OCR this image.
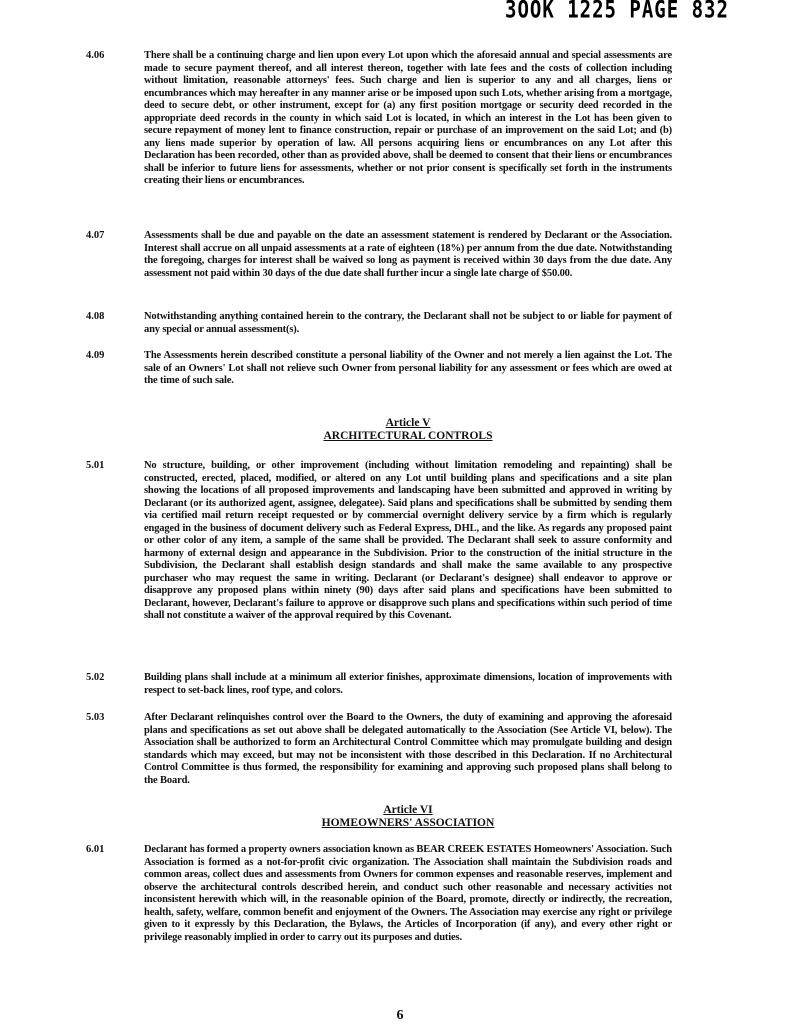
3OOK 1225 PAGE 832
4.06	There shall be a continuing charge and lien upon every Lot upon which the aforesaid annual and special assessments are made to secure payment thereof, and all interest thereon, together with late fees and the costs of collection including without limitation, reasonable attorneys' fees. Such charge and lien is superior to any and all charges, liens or encumbrances which may hereafter in any manner arise or be imposed upon such Lots, whether arising from a mortgage, deed to secure debt, or other instrument, except for (a) any first position mortgage or security deed recorded in the appropriate deed records in the county in which said Lot is located, in which an interest in the Lot has been given to secure repayment of money lent to finance construction, repair or purchase of an improvement on the said Lot; and (b) any liens made superior by operation of law. All persons acquiring liens or encumbrances on any Lot after this Declaration has been recorded, other than as provided above, shall be deemed to consent that their liens or encumbrances shall be inferior to future liens for assessments, whether or not prior consent is specifically set forth in the instruments creating their liens or encumbrances.
4.07	Assessments shall be due and payable on the date an assessment statement is rendered by Declarant or the Association. Interest shall accrue on all unpaid assessments at a rate of eighteen (18%) per annum from the due date. Notwithstanding the foregoing, charges for interest shall be waived so long as payment is received within 30 days from the due date. Any assessment not paid within 30 days of the due date shall further incur a single late charge of $50.00.
4.08	Notwithstanding anything contained herein to the contrary, the Declarant shall not be subject to or liable for payment of any special or annual assessment(s).
4.09	The Assessments herein described constitute a personal liability of the Owner and not merely a lien against the Lot. The sale of an Owners' Lot shall not relieve such Owner from personal liability for any assessment or fees which are owed at the time of such sale.
Article V
ARCHITECTURAL CONTROLS
5.01	No structure, building, or other improvement (including without limitation remodeling and repainting) shall be constructed, erected, placed, modified, or altered on any Lot until building plans and specifications and a site plan showing the locations of all proposed improvements and landscaping have been submitted and approved in writing by Declarant (or its authorized agent, assignee, delegatee). Said plans and specifications shall be submitted by sending them via certified mail return receipt requested or by commercial overnight delivery service by a firm which is regularly engaged in the business of document delivery such as Federal Express, DHL, and the like. As regards any proposed paint or other color of any item, a sample of the same shall be provided. The Declarant shall seek to assure conformity and harmony of external design and appearance in the Subdivision. Prior to the construction of the initial structure in the Subdivision, the Declarant shall establish design standards and shall make the same available to any prospective purchaser who may request the same in writing. Declarant (or Declarant's designee) shall endeavor to approve or disapprove any proposed plans within ninety (90) days after said plans and specifications have been submitted to Declarant, however, Declarant's failure to approve or disapprove such plans and specifications within such period of time shall not constitute a waiver of the approval required by this Covenant.
5.02	Building plans shall include at a minimum all exterior finishes, approximate dimensions, location of improvements with respect to set-back lines, roof type, and colors.
5.03	After Declarant relinquishes control over the Board to the Owners, the duty of examining and approving the aforesaid plans and specifications as set out above shall be delegated automatically to the Association (See Article VI, below). The Association shall be authorized to form an Architectural Control Committee which may promulgate building and design standards which may exceed, but may not be inconsistent with those described in this Declaration. If no Architectural Control Committee is thus formed, the responsibility for examining and approving such proposed plans shall belong to the Board.
Article VI
HOMEOWNERS' ASSOCIATION
6.01	Declarant has formed a property owners association known as BEAR CREEK ESTATES Homeowners' Association. Such Association is formed as a not-for-profit civic organization. The Association shall maintain the Subdivision roads and common areas, collect dues and assessments from Owners for common expenses and reasonable reserves, implement and observe the architectural controls described herein, and conduct such other reasonable and necessary activities not inconsistent herewith which will, in the reasonable opinion of the Board, promote, directly or indirectly, the recreation, health, safety, welfare, common benefit and enjoyment of the Owners. The Association may exercise any right or privilege given to it expressly by this Declaration, the Bylaws, the Articles of Incorporation (if any), and every other right or privilege reasonably implied in order to carry out its purposes and duties.
6
